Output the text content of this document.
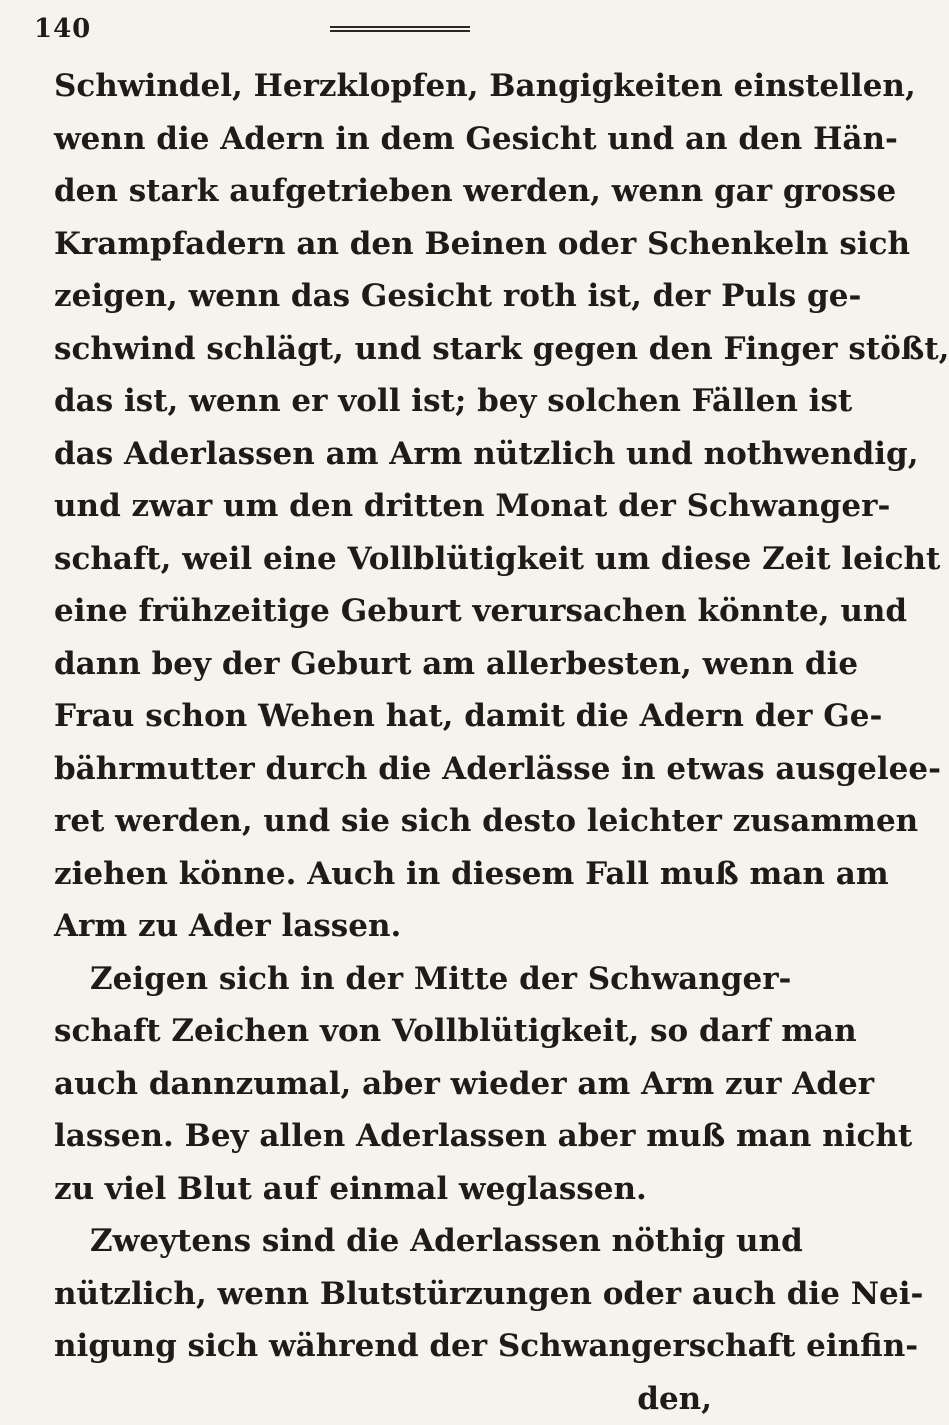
140
Schwindel, Herzklopfen, Bangigkeiten einstellen,
wenn die Adern in dem Gesicht und an den Hän-
den stark aufgetrieben werden, wenn gar grosse
Krampfadern an den Beinen oder Schenkeln sich
zeigen, wenn das Gesicht roth ist, der Puls ge-
schwind schlägt, und stark gegen den Finger stößt,
das ist, wenn er voll ist; bey solchen Fällen ist
das Aderlassen am Arm nützlich und nothwendig,
und zwar um den dritten Monat der Schwanger-
schaft, weil eine Vollblütigkeit um diese Zeit leicht
eine frühzeitige Geburt verursachen könnte, und
dann bey der Geburt am allerbesten, wenn die
Frau schon Wehen hat, damit die Adern der Ge-
bährmutter durch die Aderlässe in etwas ausgelee-
ret werden, und sie sich desto leichter zusammen
ziehen könne. Auch in diesem Fall muß man am
Arm zu Ader lassen.
Zeigen sich in der Mitte der Schwanger-
schaft Zeichen von Vollblütigkeit, so darf man
auch dannzumal, aber wieder am Arm zur Ader
lassen. Bey allen Aderlassen aber muß man nicht
zu viel Blut auf einmal weglassen.
Zweytens sind die Aderlassen nöthig und
nützlich, wenn Blutstürzungen oder auch die Nei-
nigung sich während der Schwangerschaft einfin-
den,
